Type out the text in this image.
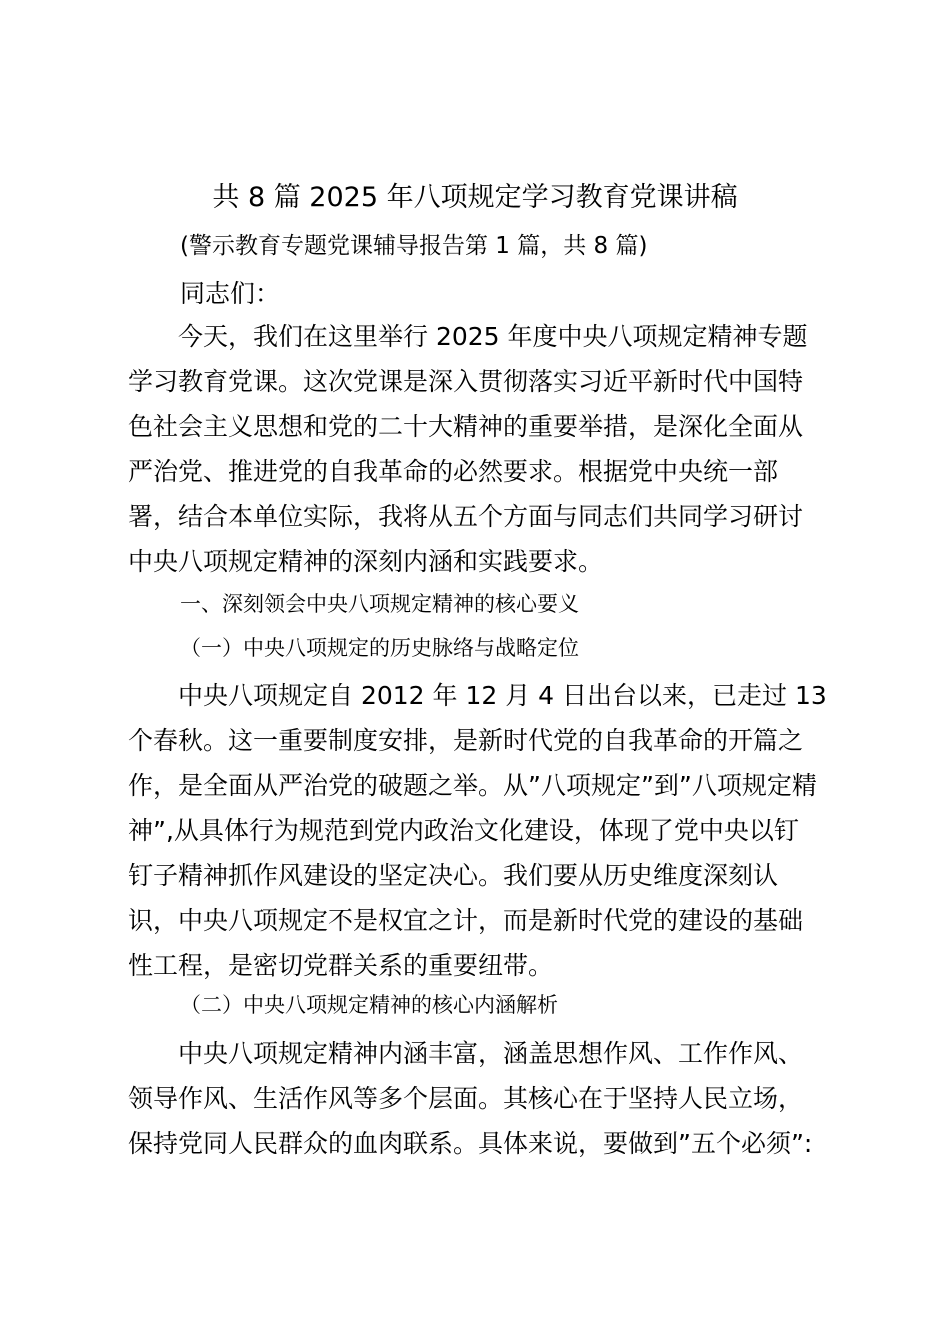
共 8 篇 2025 年八项规定学习教育党课讲稿
(警示教育专题党课辅导报告第 1 篇，共 8 篇)
同志们：
今天，我们在这里举行 2025 年度中央八项规定精神专题
学习教育党课。这次党课是深入贯彻落实习近平新时代中国特
色社会主义思想和党的二十大精神的重要举措，是深化全面从
严治党、推进党的自我革命的必然要求。根据党中央统一部
署，结合本单位实际，我将从五个方面与同志们共同学习研讨
中央八项规定精神的深刻内涵和实践要求。
一、深刻领会中央八项规定精神的核心要义
（一）中央八项规定的历史脉络与战略定位
中央八项规定自 2012 年 12 月 4 日出台以来，已走过 13
个春秋。这一重要制度安排，是新时代党的自我革命的开篇之
作，是全面从严治党的破题之举。从”八项规定”到”八项规定精
神”,从具体行为规范到党内政治文化建设，体现了党中央以钉
钉子精神抓作风建设的坚定决心。我们要从历史维度深刻认
识，中央八项规定不是权宜之计，而是新时代党的建设的基础
性工程，是密切党群关系的重要纽带。
（二）中央八项规定精神的核心内涵解析
中央八项规定精神内涵丰富，涵盖思想作风、工作作风、
领导作风、生活作风等多个层面。其核心在于坚持人民立场，
保持党同人民群众的血肉联系。具体来说，要做到”五个必须”:
